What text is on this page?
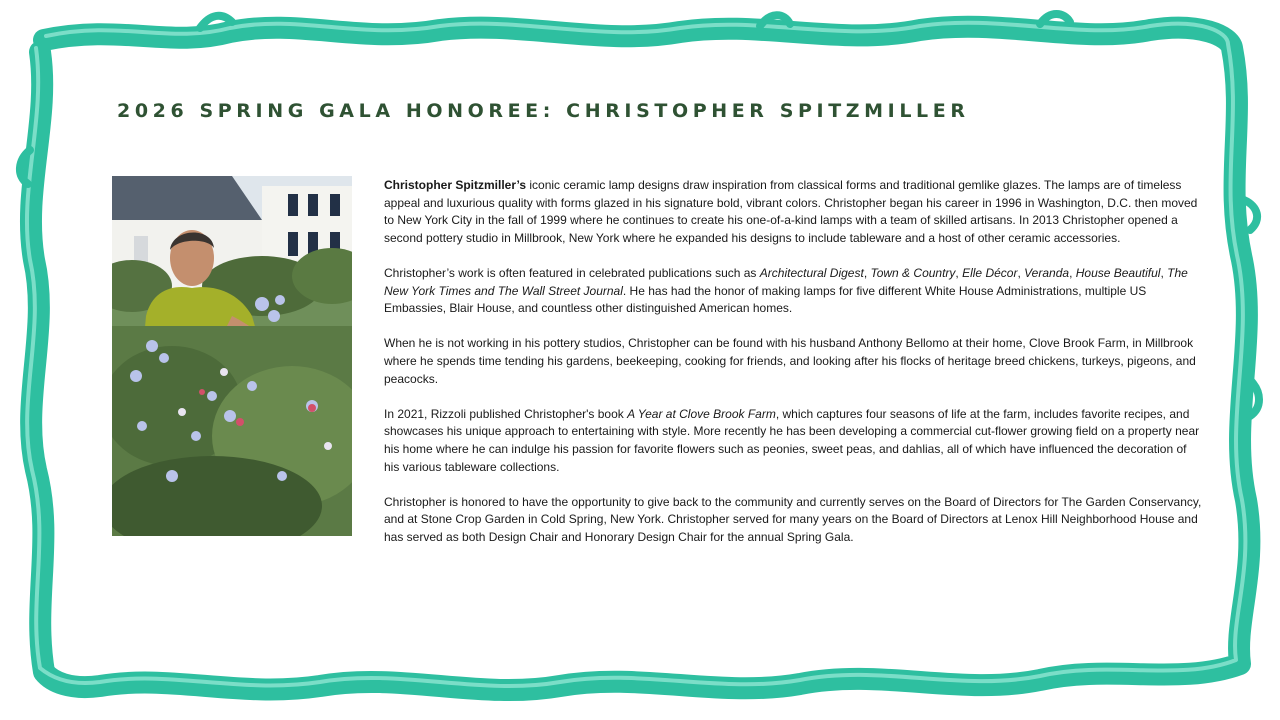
2026 SPRING GALA HONOREE: CHRISTOPHER SPITZMILLER

Christopher Spitzmiller’s iconic ceramic lamp designs draw inspiration from classical forms and traditional gemlike glazes. The lamps are of timeless appeal and luxurious quality with forms glazed in his signature bold, vibrant colors. Christopher began his career in 1996 in Washington, D.C. then moved to New York City in the fall of 1999 where he continues to create his one-of-a-kind lamps with a team of skilled artisans. In 2013 Christopher opened a second pottery studio in Millbrook, New York where he expanded his designs to include tableware and a host of other ceramic accessories.

Christopher’s work is often featured in celebrated publications such as Architectural Digest, Town & Country, Elle Décor, Veranda, House Beautiful, The New York Times and The Wall Street Journal. He has had the honor of making lamps for five different White House Administrations, multiple US Embassies, Blair House, and countless other distinguished American homes.

When he is not working in his pottery studios, Christopher can be found with his husband Anthony Bellomo at their home, Clove Brook Farm, in Millbrook where he spends time tending his gardens, beekeeping, cooking for friends, and looking after his flocks of heritage breed chickens, turkeys, pigeons, and peacocks.

In 2021, Rizzoli published Christopher's book A Year at Clove Brook Farm, which captures four seasons of life at the farm, includes favorite recipes, and showcases his unique approach to entertaining with style. More recently he has been developing a commercial cut-flower growing field on a property near his home where he can indulge his passion for favorite flowers such as peonies, sweet peas, and dahlias, all of which have influenced the decoration of his various tableware collections.

Christopher is honored to have the opportunity to give back to the community and currently serves on the Board of Directors for The Garden Conservancy, and at Stone Crop Garden in Cold Spring, New York. Christopher served for many years on the Board of Directors at Lenox Hill Neighborhood House and has served as both Design Chair and Honorary Design Chair for the annual Spring Gala.
